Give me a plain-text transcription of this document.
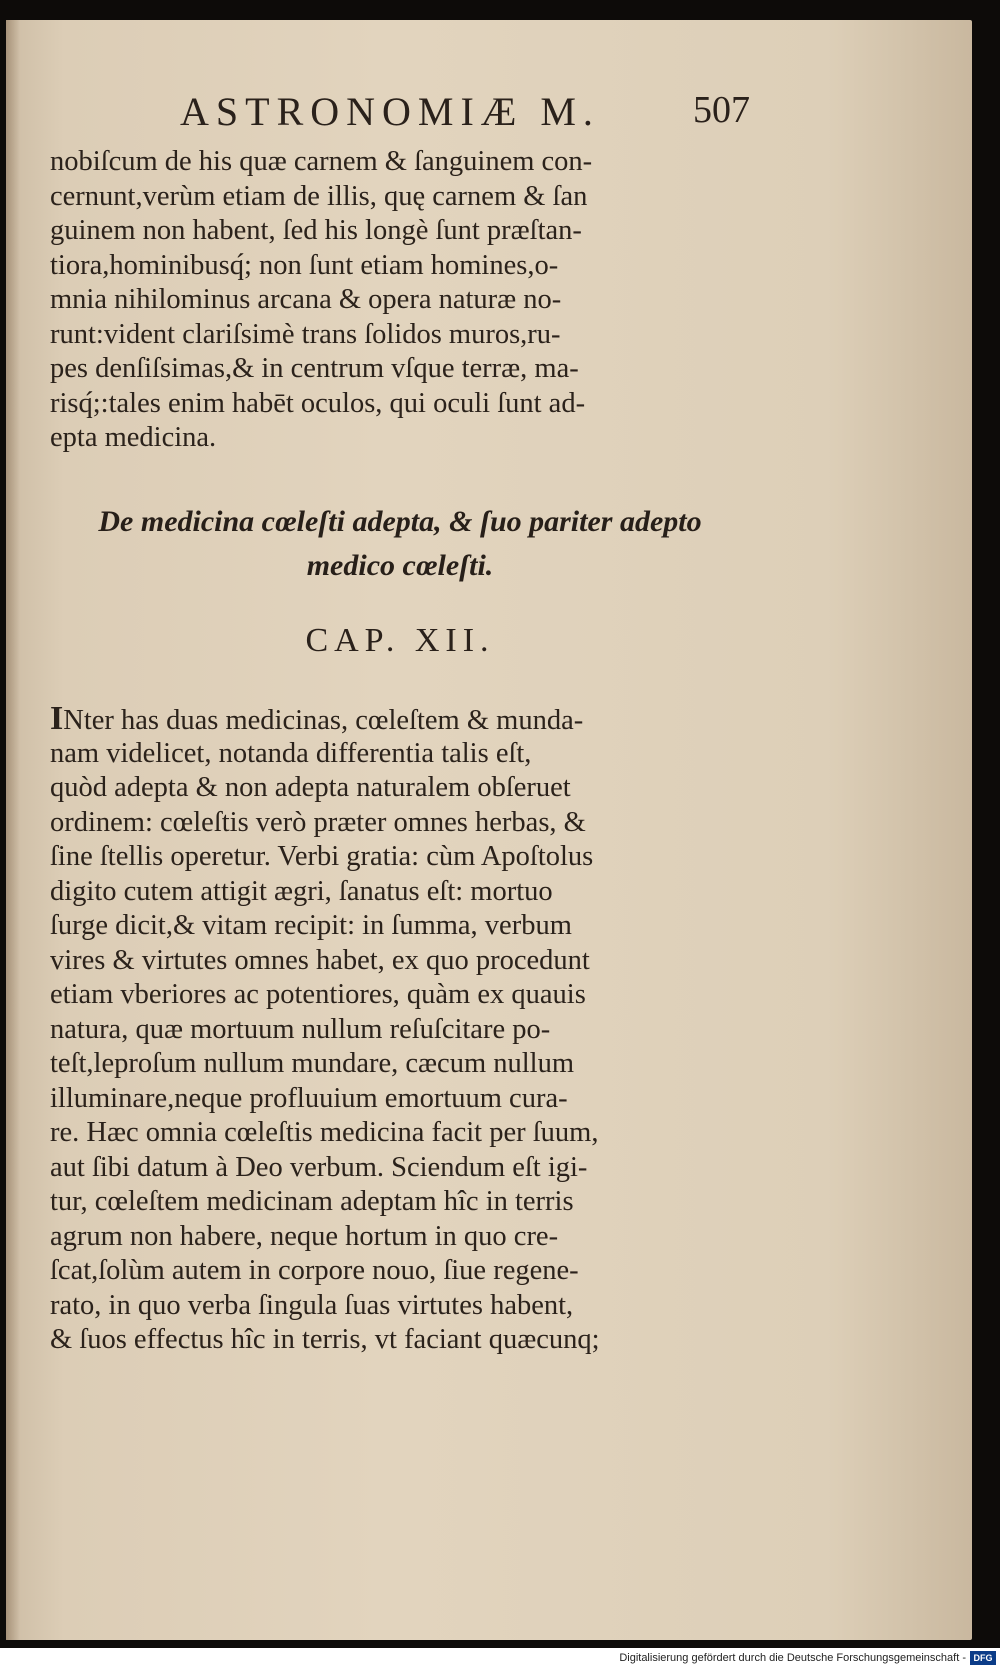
ASTRONOMIÆ M. 507
nobiſcum de his quæ carnem & ſanguinem con-
cernunt,verùm etiam de illis, quę carnem & ſan
guinem non habent, ſed his longè ſunt præſtan-
tiora,hominibusq́; non ſunt etiam homines,o-
mnia nihilominus arcana & opera naturæ no-
runt:vident clariſsimè trans ſolidos muros,ru-
pes denſiſsimas,& in centrum vſque terræ, ma-
risq́;:tales enim habēt oculos, qui oculi ſunt ad-
epta medicina.
De medicina cœleſti adepta, & ſuo pariter adepto
medico cœleſti.
CAP. XII.
INter has duas medicinas, cœleſtem & munda-
nam videlicet, notanda differentia talis eſt,
quòd adepta & non adepta naturalem obſeruet
ordinem: cœleſtis verò præter omnes herbas, &
ſine ſtellis operetur. Verbi gratia: cùm Apoſtolus
digito cutem attigit ægri, ſanatus eſt: mortuo
ſurge dicit,& vitam recipit: in ſumma, verbum
vires & virtutes omnes habet, ex quo procedunt
etiam vberiores ac potentiores, quàm ex quauis
natura, quæ mortuum nullum reſuſcitare po-
teſt,leproſum nullum mundare, cæcum nullum
illuminare,neque profluuium emortuum cura-
re. Hæc omnia cœleſtis medicina facit per ſuum,
aut ſibi datum à Deo verbum. Sciendum eſt igi-
tur, cœleſtem medicinam adeptam hîc in terris
agrum non habere, neque hortum in quo cre-
ſcat,ſolùm autem in corpore nouo, ſiue regene-
rato, in quo verba ſingula ſuas virtutes habent,
& ſuos effectus hîc in terris, vt faciant quæcunq;
Digitalisierung gefördert durch die Deutsche Forschungsgemeinschaft - DFG
